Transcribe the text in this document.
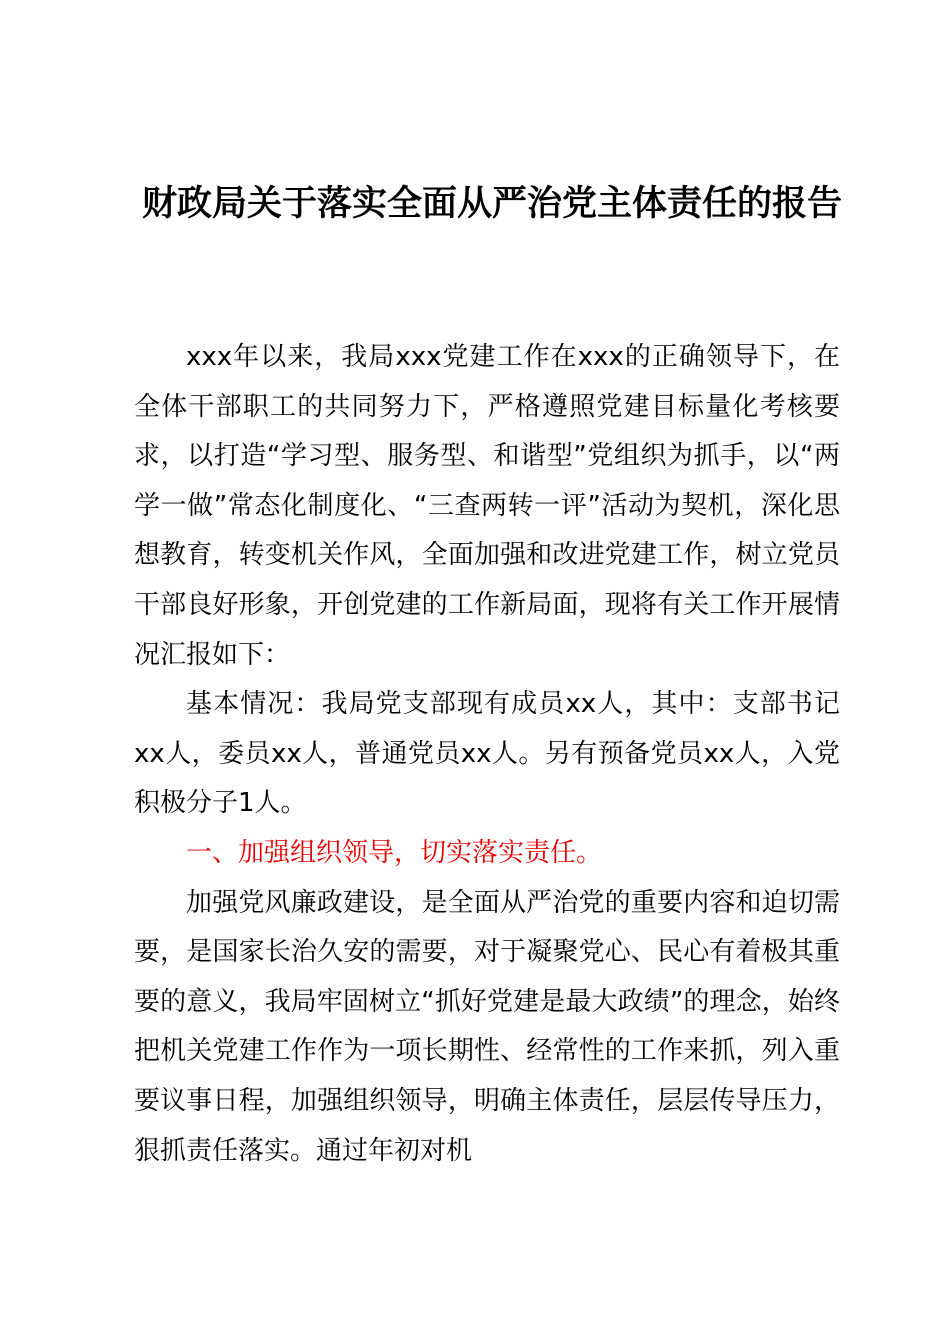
财政局关于落实全面从严治党主体责任的报告

xxx年以来，我局xxx党建工作在xxx的正确领导下，在全体干部职工的共同努力下，严格遵照党建目标量化考核要求，以打造“学习型、服务型、和谐型”党组织为抓手，以“两学一做”常态化制度化、“三查两转一评”活动为契机，深化思想教育，转变机关作风，全面加强和改进党建工作，树立党员干部良好形象，开创党建的工作新局面，现将有关工作开展情况汇报如下：

基本情况：我局党支部现有成员xx人，其中：支部书记xx人，委员xx人，普通党员xx人。另有预备党员xx人，入党积极分子1人。

一、加强组织领导，切实落实责任。

加强党风廉政建设，是全面从严治党的重要内容和迫切需要，是国家长治久安的需要，对于凝聚党心、民心有着极其重要的意义，我局牢固树立“抓好党建是最大政绩”的理念，始终把机关党建工作作为一项长期性、经常性的工作来抓，列入重要议事日程，加强组织领导，明确主体责任，层层传导压力，狠抓责任落实。通过年初对机
